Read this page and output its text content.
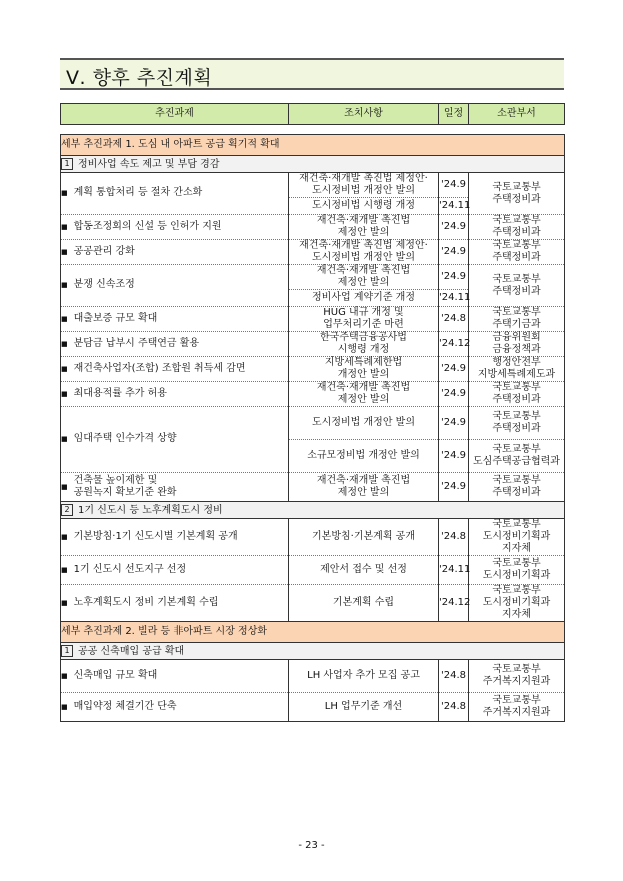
Ⅴ. 향후 추진계획
추진과제	조치사항	일정	소관부서

세부 추진과제 1. 도심 내 아파트 공급 획기적 확대			
1 정비사업 속도 제고 및 부담 경감			
■ 계획 통합처리 등 절차 간소화	재건축·재개발 촉진법 제정안·
도시정비법 개정안 발의	'24.9	국토교통부
주택정비과
	도시정비법 시행령 개정	'24.11	
■ 합동조정회의 신설 등 인허가 지원	재건축·재개발 촉진법
제정안 발의	'24.9	국토교통부
주택정비과
■ 공공관리 강화	재건축·재개발 촉진법 제정안·
도시정비법 개정안 발의	'24.9	국토교통부
주택정비과
■ 분쟁 신속조정	재건축·재개발 촉진법
제정안 발의	'24.9	국토교통부
주택정비과
	정비사업 계약기준 개정	'24.11	
■ 대출보증 규모 확대	HUG 내규 개정 및
업무처리기준 마련	'24.8	국토교통부
주택기금과
■ 분담금 납부시 주택연금 활용	한국주택금융공사법
시행령 개정	'24.12	금융위원회
금융정책과
■ 재건축사업자(조합) 조합원 취득세 감면	지방세특례제한법
개정안 발의	'24.9	행정안전부
지방세특례제도과
■ 최대용적률 추가 허용	재건축·재개발 촉진법
제정안 발의	'24.9	국토교통부
주택정비과
■ 임대주택 인수가격 상향	도시정비법 개정안 발의	'24.9	국토교통부
주택정비과
	소규모정비법 개정안 발의	'24.9	국토교통부
도심주택공급협력과
■건축물 높이제한 및
공원녹지 확보기준 완화	재건축·재개발 촉진법
제정안 발의	'24.9	국토교통부
주택정비과
2 1기 신도시 등 노후계획도시 정비			
■ 기본방침·1기 신도시별 기본계획 공개	기본방침·기본계획 공개	'24.8	국토교통부
도시정비기획과
지자체
■ 1기 신도시 선도지구 선정	제안서 접수 및 선정	'24.11	국토교통부
도시정비기획과
■ 노후계획도시 정비 기본계획 수립	기본계획 수립	'24.12	국토교통부
도시정비기획과
지자체
세부 추진과제 2. 빌라 등 非아파트 시장 정상화			
1 공공 신축매입 공급 확대			
■ 신축매입 규모 확대	LH 사업자 추가 모집 공고	'24.8	국토교통부
주거복지지원과
■ 매입약정 체결기간 단축	LH 업무기준 개선	'24.8	국토교통부
주거복지지원과
- 23 -
